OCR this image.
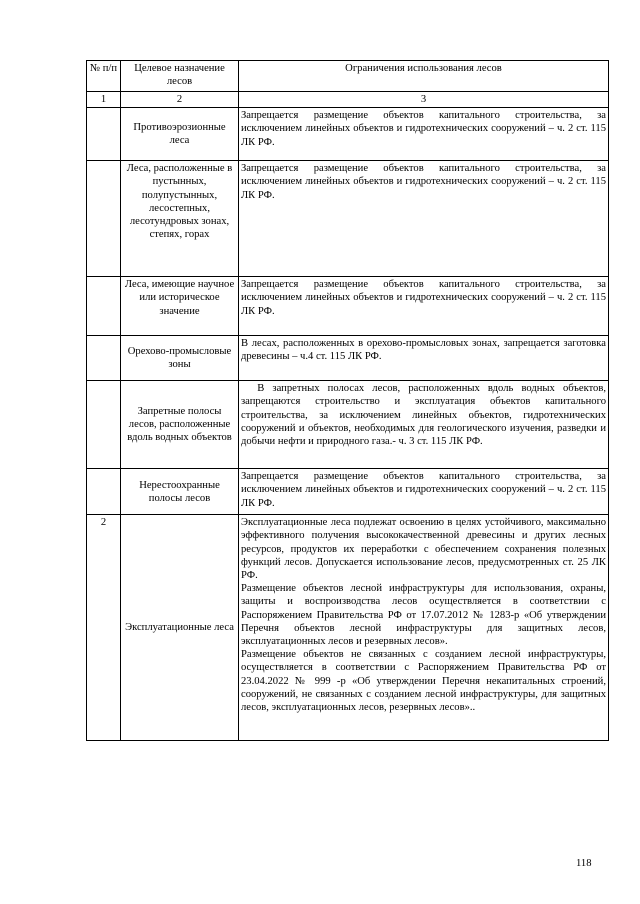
№ п/п	Целевое назначение лесов	Ограничения использования лесов
1	2	3
	Противоэрозионные леса	Запрещается размещение объектов капитального строительства, за исключением линейных объектов и гидротехнических сооружений – ч. 2 ст. 115 ЛК РФ.

	Леса, расположенные в пустынных, полупустынных, лесостепных, лесотундровых зонах, степях, горах	Запрещается размещение объектов капитального строительства, за исключением линейных объектов и гидротехнических сооружений – ч. 2 ст. 115 ЛК РФ.

	Леса, имеющие научное или историческое значение	Запрещается размещение объектов капитального строительства, за исключением линейных объектов и гидротехнических сооружений – ч. 2 ст. 115 ЛК РФ.

	Орехово-промысловые зоны	В лесах, расположенных в орехово-промысловых зонах, запрещается заготовка древесины – ч.4 ст. 115 ЛК РФ.

	Запретные полосы лесов, расположенные вдоль водных объектов	В запретных полосах лесов, расположенных вдоль водных объектов, запрещаются строительство и эксплуатация объектов капитального строительства, за исключением линейных объектов, гидротехнических сооружений и объектов, необходимых для геологического изучения, разведки и добычи нефти и природного газа.- ч. 3 ст. 115 ЛК РФ.

	Нерестоохранные полосы лесов	Запрещается размещение объектов капитального строительства, за исключением линейных объектов и гидротехнических сооружений – ч. 2 ст. 115 ЛК РФ.

2	Эксплуатационные леса	Эксплуатационные леса подлежат освоению в целях устойчивого, максимально эффективного получения высококачественной древесины и других лесных ресурсов, продуктов их переработки с обеспечением сохранения полезных функций лесов. Допускается использование лесов, предусмотренных ст. 25 ЛК РФ.

Размещение объектов лесной инфраструктуры для использования, охраны, защиты и воспроизводства лесов осуществляется в соответствии с Распоряжением Правительства РФ от 17.07.2012 № 1283-р «Об утверждении Перечня объектов лесной инфраструктуры для защитных лесов, эксплуатационных лесов и резервных лесов».

Размещение объектов не связанных с созданием лесной инфраструктуры, осуществляется в соответствии с Распоряжением Правительства РФ от 23.04.2022 № 999 -р «Об утверждении Перечня некапитальных строений, сооружений, не связанных с созданием лесной инфраструктуры, для защитных лесов, эксплуатационных лесов, резервных лесов»..

118
